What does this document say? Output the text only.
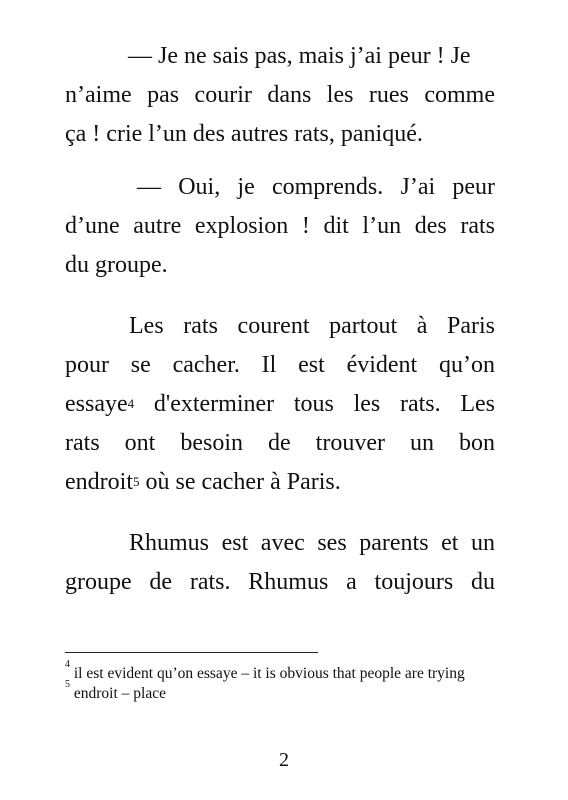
— Je ne sais pas, mais j’ai peur ! Je
n’aime pas courir dans les rues comme
ça ! crie l’un des autres rats, paniqué.

— Oui, je comprends. J’ai peur
d’une autre explosion ! dit l’un des rats
du groupe.

Les rats courent partout à Paris
pour se cacher. Il est évident qu’on
essaye$^4$ d'exterminer tous les rats. Les
rats ont besoin de trouver un bon
endroit$^5$ où se cacher à Paris.

Rhumus est avec ses parents et un
groupe de rats. Rhumus a toujours du

$^4$ il est evident qu’on essaye – it is obvious that people are trying
$^5$ endroit – place
2
